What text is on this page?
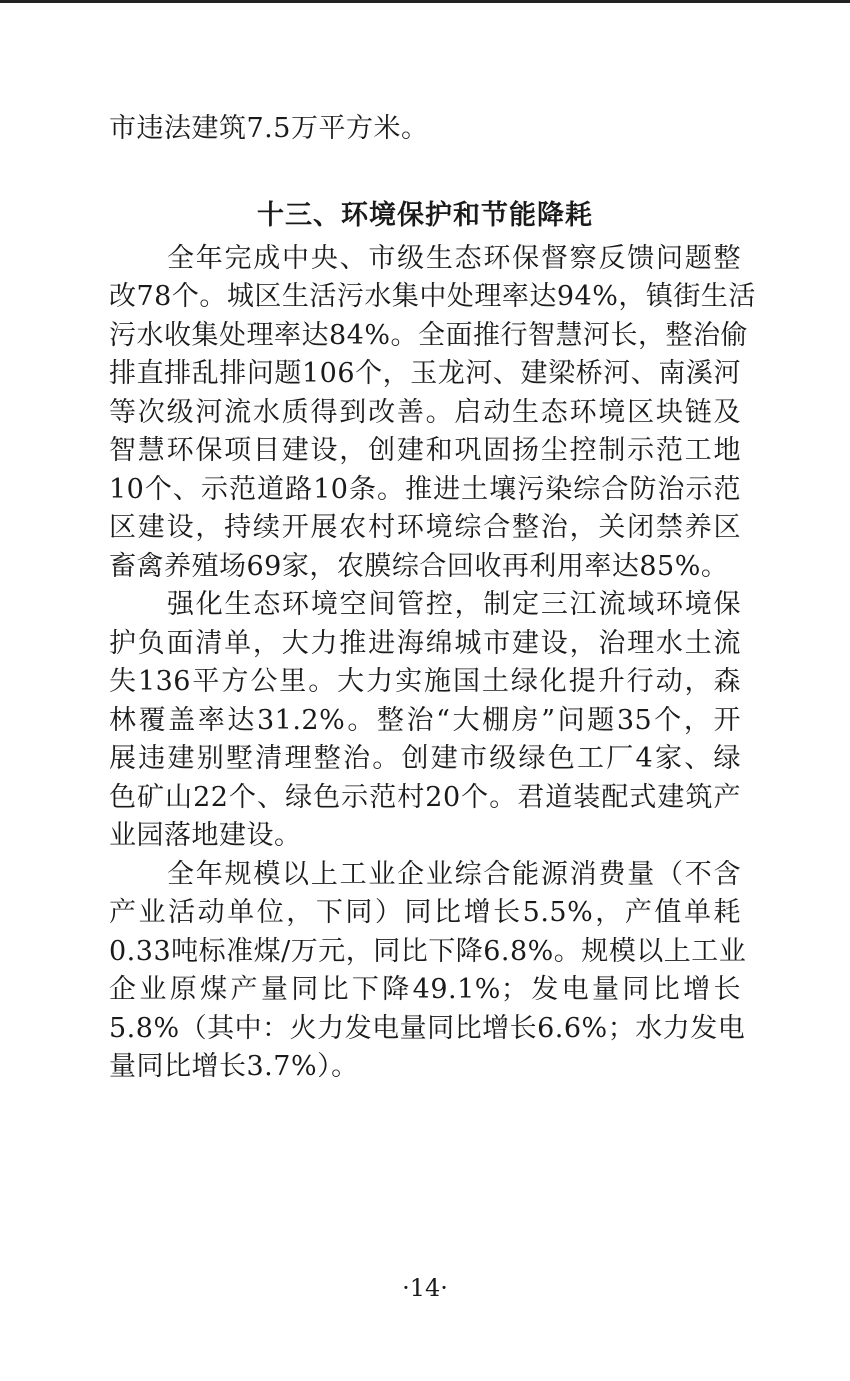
市违法建筑7.5万平方米。
十三、环境保护和节能降耗
全年完成中央、市级生态环保督察反馈问题整
改78个。城区生活污水集中处理率达94%，镇街生活
污水收集处理率达84%。全面推行智慧河长，整治偷
排直排乱排问题106个，玉龙河、建梁桥河、南溪河
等次级河流水质得到改善。启动生态环境区块链及
智慧环保项目建设，创建和巩固扬尘控制示范工地
10个、示范道路10条。推进土壤污染综合防治示范
区建设，持续开展农村环境综合整治，关闭禁养区
畜禽养殖场69家，农膜综合回收再利用率达85%。
强化生态环境空间管控，制定三江流域环境保
护负面清单，大力推进海绵城市建设，治理水土流
失136平方公里。大力实施国土绿化提升行动，森
林覆盖率达31.2%。整治“大棚房”问题35个，开
展违建别墅清理整治。创建市级绿色工厂4家、绿
色矿山22个、绿色示范村20个。君道装配式建筑产
业园落地建设。
全年规模以上工业企业综合能源消费量（不含
产业活动单位，下同）同比增长5.5%，产值单耗
0.33吨标准煤/万元，同比下降6.8%。规模以上工业
企业原煤产量同比下降49.1%；发电量同比增长
5.8%（其中：火力发电量同比增长6.6%；水力发电
量同比增长3.7%）。
·14·
